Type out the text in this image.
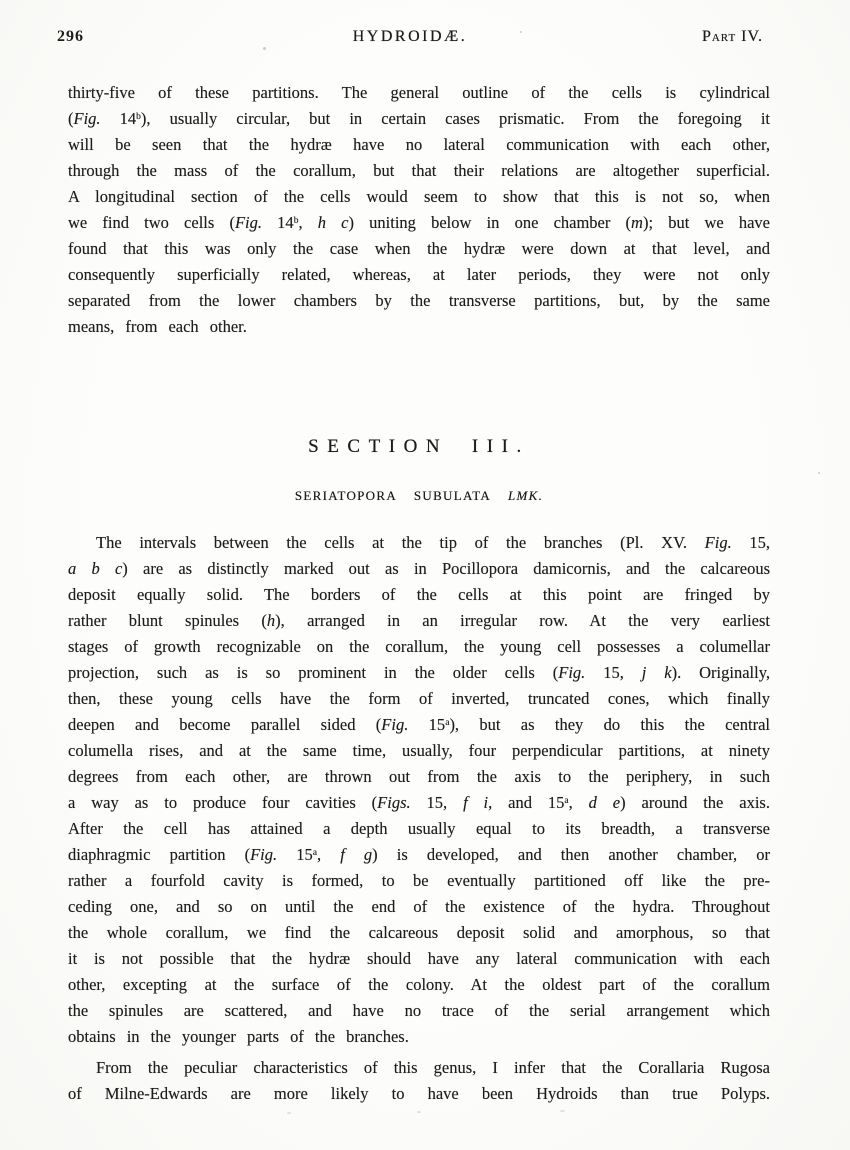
296	HYDROIDÆ.	Part IV.
thirty-five of these partitions. The general outline of the cells is cylindrical
(Fig. 14$^b$), usually circular, but in certain cases prismatic. From the foregoing it
will be seen that the hydræ have no lateral communication with each other,
through the mass of the corallum, but that their relations are altogether superficial.
A longitudinal section of the cells would seem to show that this is not so, when
we find two cells (Fig. 14$^b$, h c) uniting below in one chamber (m); but we have
found that this was only the case when the hydræ were down at that level, and
consequently superficially related, whereas, at later periods, they were not only
separated from the lower chambers by the transverse partitions, but, by the same
means, from each other.
SECTION III.
SERIATOPORA SUBULATA LMK.
The intervals between the cells at the tip of the branches (Pl. XV. Fig. 15,
a b c) are as distinctly marked out as in Pocillopora damicornis, and the calcareous
deposit equally solid. The borders of the cells at this point are fringed by
rather blunt spinules (h), arranged in an irregular row. At the very earliest
stages of growth recognizable on the corallum, the young cell possesses a columellar
projection, such as is so prominent in the older cells (Fig. 15, j k). Originally,
then, these young cells have the form of inverted, truncated cones, which finally
deepen and become parallel sided (Fig. 15$^a$), but as they do this the central
columella rises, and at the same time, usually, four perpendicular partitions, at ninety
degrees from each other, are thrown out from the axis to the periphery, in such
a way as to produce four cavities (Figs. 15, f i, and 15$^a$, d e) around the axis.
After the cell has attained a depth usually equal to its breadth, a transverse
diaphragmic partition (Fig. 15$^a$, f g) is developed, and then another chamber, or
rather a fourfold cavity is formed, to be eventually partitioned off like the pre-
ceding one, and so on until the end of the existence of the hydra. Throughout
the whole corallum, we find the calcareous deposit solid and amorphous, so that
it is not possible that the hydræ should have any lateral communication with each
other, excepting at the surface of the colony. At the oldest part of the corallum
the spinules are scattered, and have no trace of the serial arrangement which
obtains in the younger parts of the branches.
From the peculiar characteristics of this genus, I infer that the Corallaria Rugosa
of Milne-Edwards are more likely to have been Hydroids than true Polyps.
